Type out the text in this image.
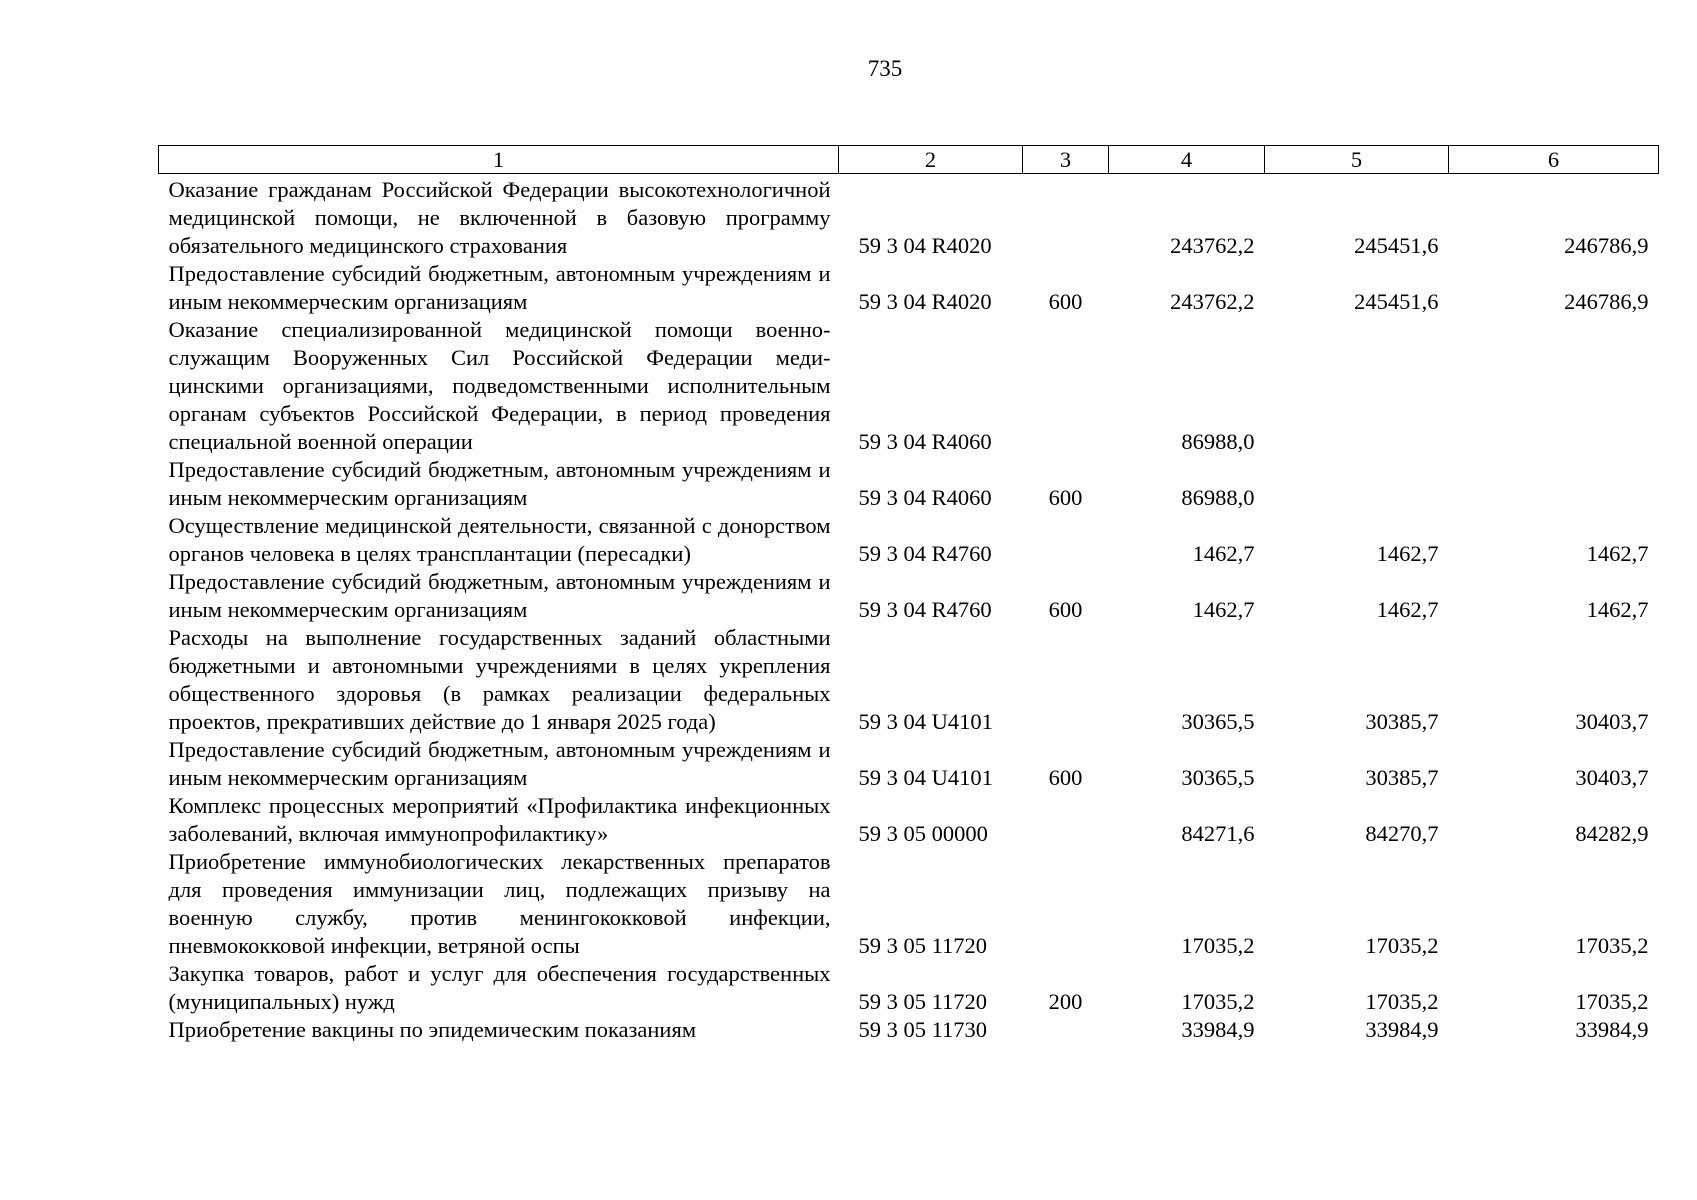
735
1	2	3	4	5	6
Оказание гражданам Российской Федерации высокотехнологичной медицинской помощи, не включенной в базовую программу обязательного медицинского страхования	59 3 04 R4020		243762,2	245451,6	246786,9
Предоставление субсидий бюджетным, автономным учреждениям и иным некоммерческим организациям	59 3 04 R4020	600	243762,2	245451,6	246786,9
Оказание специализированной медицинской помощи военнослужащим Вооруженных Сил Российской Федерации медицинскими организациями, подведомственными исполнительным органам субъектов Российской Федерации, в период проведения специальной военной операции	59 3 04 R4060		86988,0		
Предоставление субсидий бюджетным, автономным учреждениям и иным некоммерческим организациям	59 3 04 R4060	600	86988,0		
Осуществление медицинской деятельности, связанной с донорством органов человека в целях трансплантации (пересадки)	59 3 04 R4760		1462,7	1462,7	1462,7
Предоставление субсидий бюджетным, автономным учреждениям и иным некоммерческим организациям	59 3 04 R4760	600	1462,7	1462,7	1462,7
Расходы на выполнение государственных заданий областными бюджетными и автономными учреждениями в целях укрепления общественного здоровья (в рамках реализации федеральных проектов, прекративших действие до 1 января 2025 года)	59 3 04 U4101		30365,5	30385,7	30403,7
Предоставление субсидий бюджетным, автономным учреждениям и иным некоммерческим организациям	59 3 04 U4101	600	30365,5	30385,7	30403,7
Комплекс процессных мероприятий «Профилактика инфекционных заболеваний, включая иммунопрофилактику»	59 3 05 00000		84271,6	84270,7	84282,9
Приобретение иммунобиологических лекарственных препаратов для проведения иммунизации лиц, подлежащих призыву на военную службу, против менингококковой инфекции, пневмококковой инфекции, ветряной оспы	59 3 05 11720		17035,2	17035,2	17035,2
Закупка товаров, работ и услуг для обеспечения государственных (муниципальных) нужд	59 3 05 11720	200	17035,2	17035,2	17035,2
Приобретение вакцины по эпидемическим показаниям	59 3 05 11730		33984,9	33984,9	33984,9
